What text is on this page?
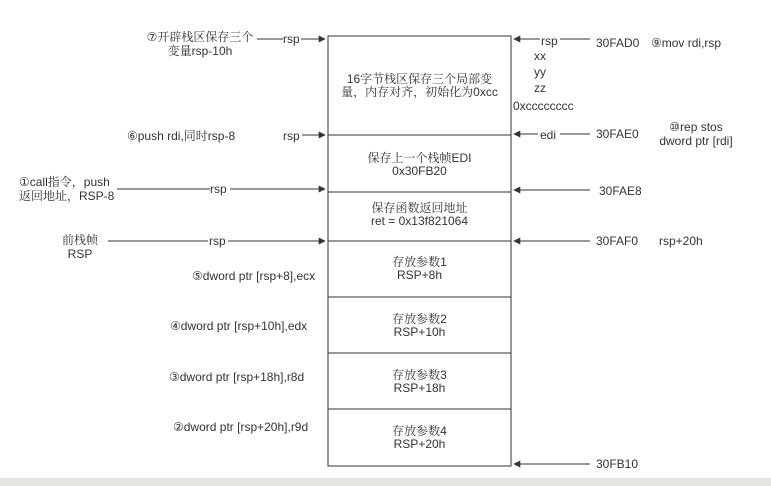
16字节栈区保存三个局部变
量，内存对齐，初始化为0xcc
保存上一个栈帧EDI
0x30FB20
保存函数返回地址
ret = 0x13f821064
存放参数1
RSP+8h
存放参数2
RSP+10h
存放参数3
RSP+18h
存放参数4
RSP+20h
⑦开辟栈区保存三个
变量rsp-10h
rsp
⑥push rdi,同时rsp-8	rsp
①call指令，push
返回地址，RSP-8	rsp
前栈帧
RSP
rsp
⑤dword ptr [rsp+8],ecx
④dword ptr [rsp+10h],edx
③dword ptr [rsp+18h],r8d
②dword ptr [rsp+20h],r9d
rsp
xx
yy
zz
0xcccccccc
edi
30FAD0
30FAE0
30FAE8
30FAF0
30FB10
⑨mov rdi,rsp
⑩rep stos
dword ptr [rdi]
rsp+20h
